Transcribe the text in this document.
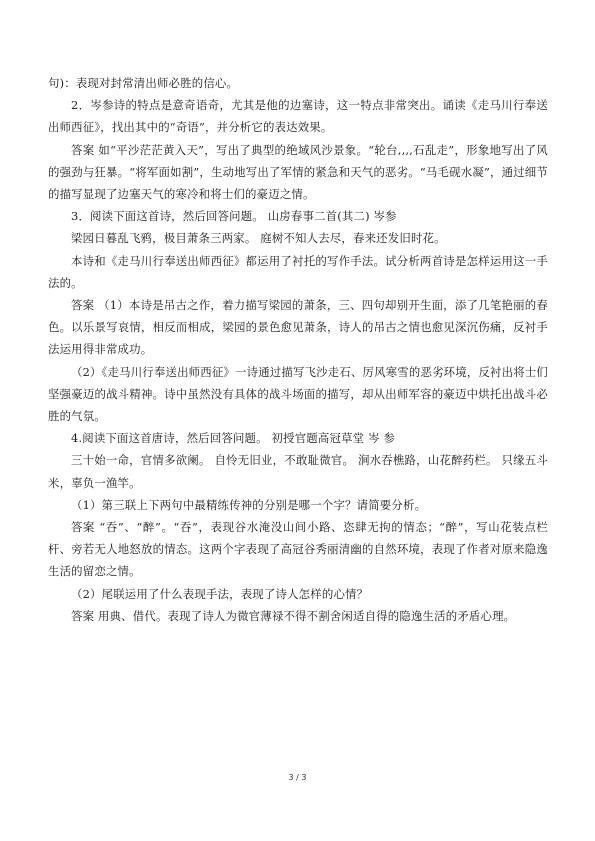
句)：表现对封常清出师必胜的信心。

2．岑参诗的特点是意奇语奇，尤其是他的边塞诗，这一特点非常突出。诵读《走马川行奉送出师西征》，找出其中的“奇语”，并分析它的表达效果。

答案 如“平沙茫茫黄入天”，写出了典型的绝域风沙景象。“轮台,,,,石乱走”，形象地写出了风的强劲与狂暴。“将军面如割”，生动地写出了军情的紧急和天气的恶劣。“马毛砚水凝”，通过细节的描写显现了边塞天气的寒冷和将士们的豪迈之情。

3．阅读下面这首诗，然后回答问题。 山房春事二首(其二) 岑参

梁园日暮乱飞鸦，极目萧条三两家。 庭树不知人去尽，春来还发旧时花。

本诗和《走马川行奉送出师西征》都运用了衬托的写作手法。试分析两首诗是怎样运用这一手法的。

答案 （1）本诗是吊古之作，着力描写梁园的萧条，三、四句却别开生面，添了几笔艳丽的春色。以乐景写哀情，相反而相成，梁园的景色愈见萧条，诗人的吊古之情也愈见深沉伤痛，反衬手法运用得非常成功。

（2）《走马川行奉送出师西征》一诗通过描写飞沙走石、厉风寒雪的恶劣环境，反衬出将士们坚强豪迈的战斗精神。诗中虽然没有具体的战斗场面的描写，却从出师军容的豪迈中烘托出战斗必胜的气氛。

4.阅读下面这首唐诗，然后回答问题。 初授官题高冠草堂 岑 参

三十始一命，官情多欲阑。 自怜无旧业，不敢耻微官。 涧水吞樵路，山花醉药栏。 只缘五斗米，辜负一渔竿。

（1）第三联上下两句中最精练传神的分别是哪一个字？请简要分析。

答案 “吞”、“醉”。“吞”，表现谷水淹没山间小路、恣肆无拘的情态；“醉”，写山花装点栏杆、旁若无人地怒放的情态。这两个字表现了高冠谷秀丽清幽的自然环境，表现了作者对原来隐逸生活的留恋之情。

（2）尾联运用了什么表现手法，表现了诗人怎样的心情？

答案 用典、借代。表现了诗人为微官薄禄不得不割舍闲适自得的隐逸生活的矛盾心理。

3 / 3
